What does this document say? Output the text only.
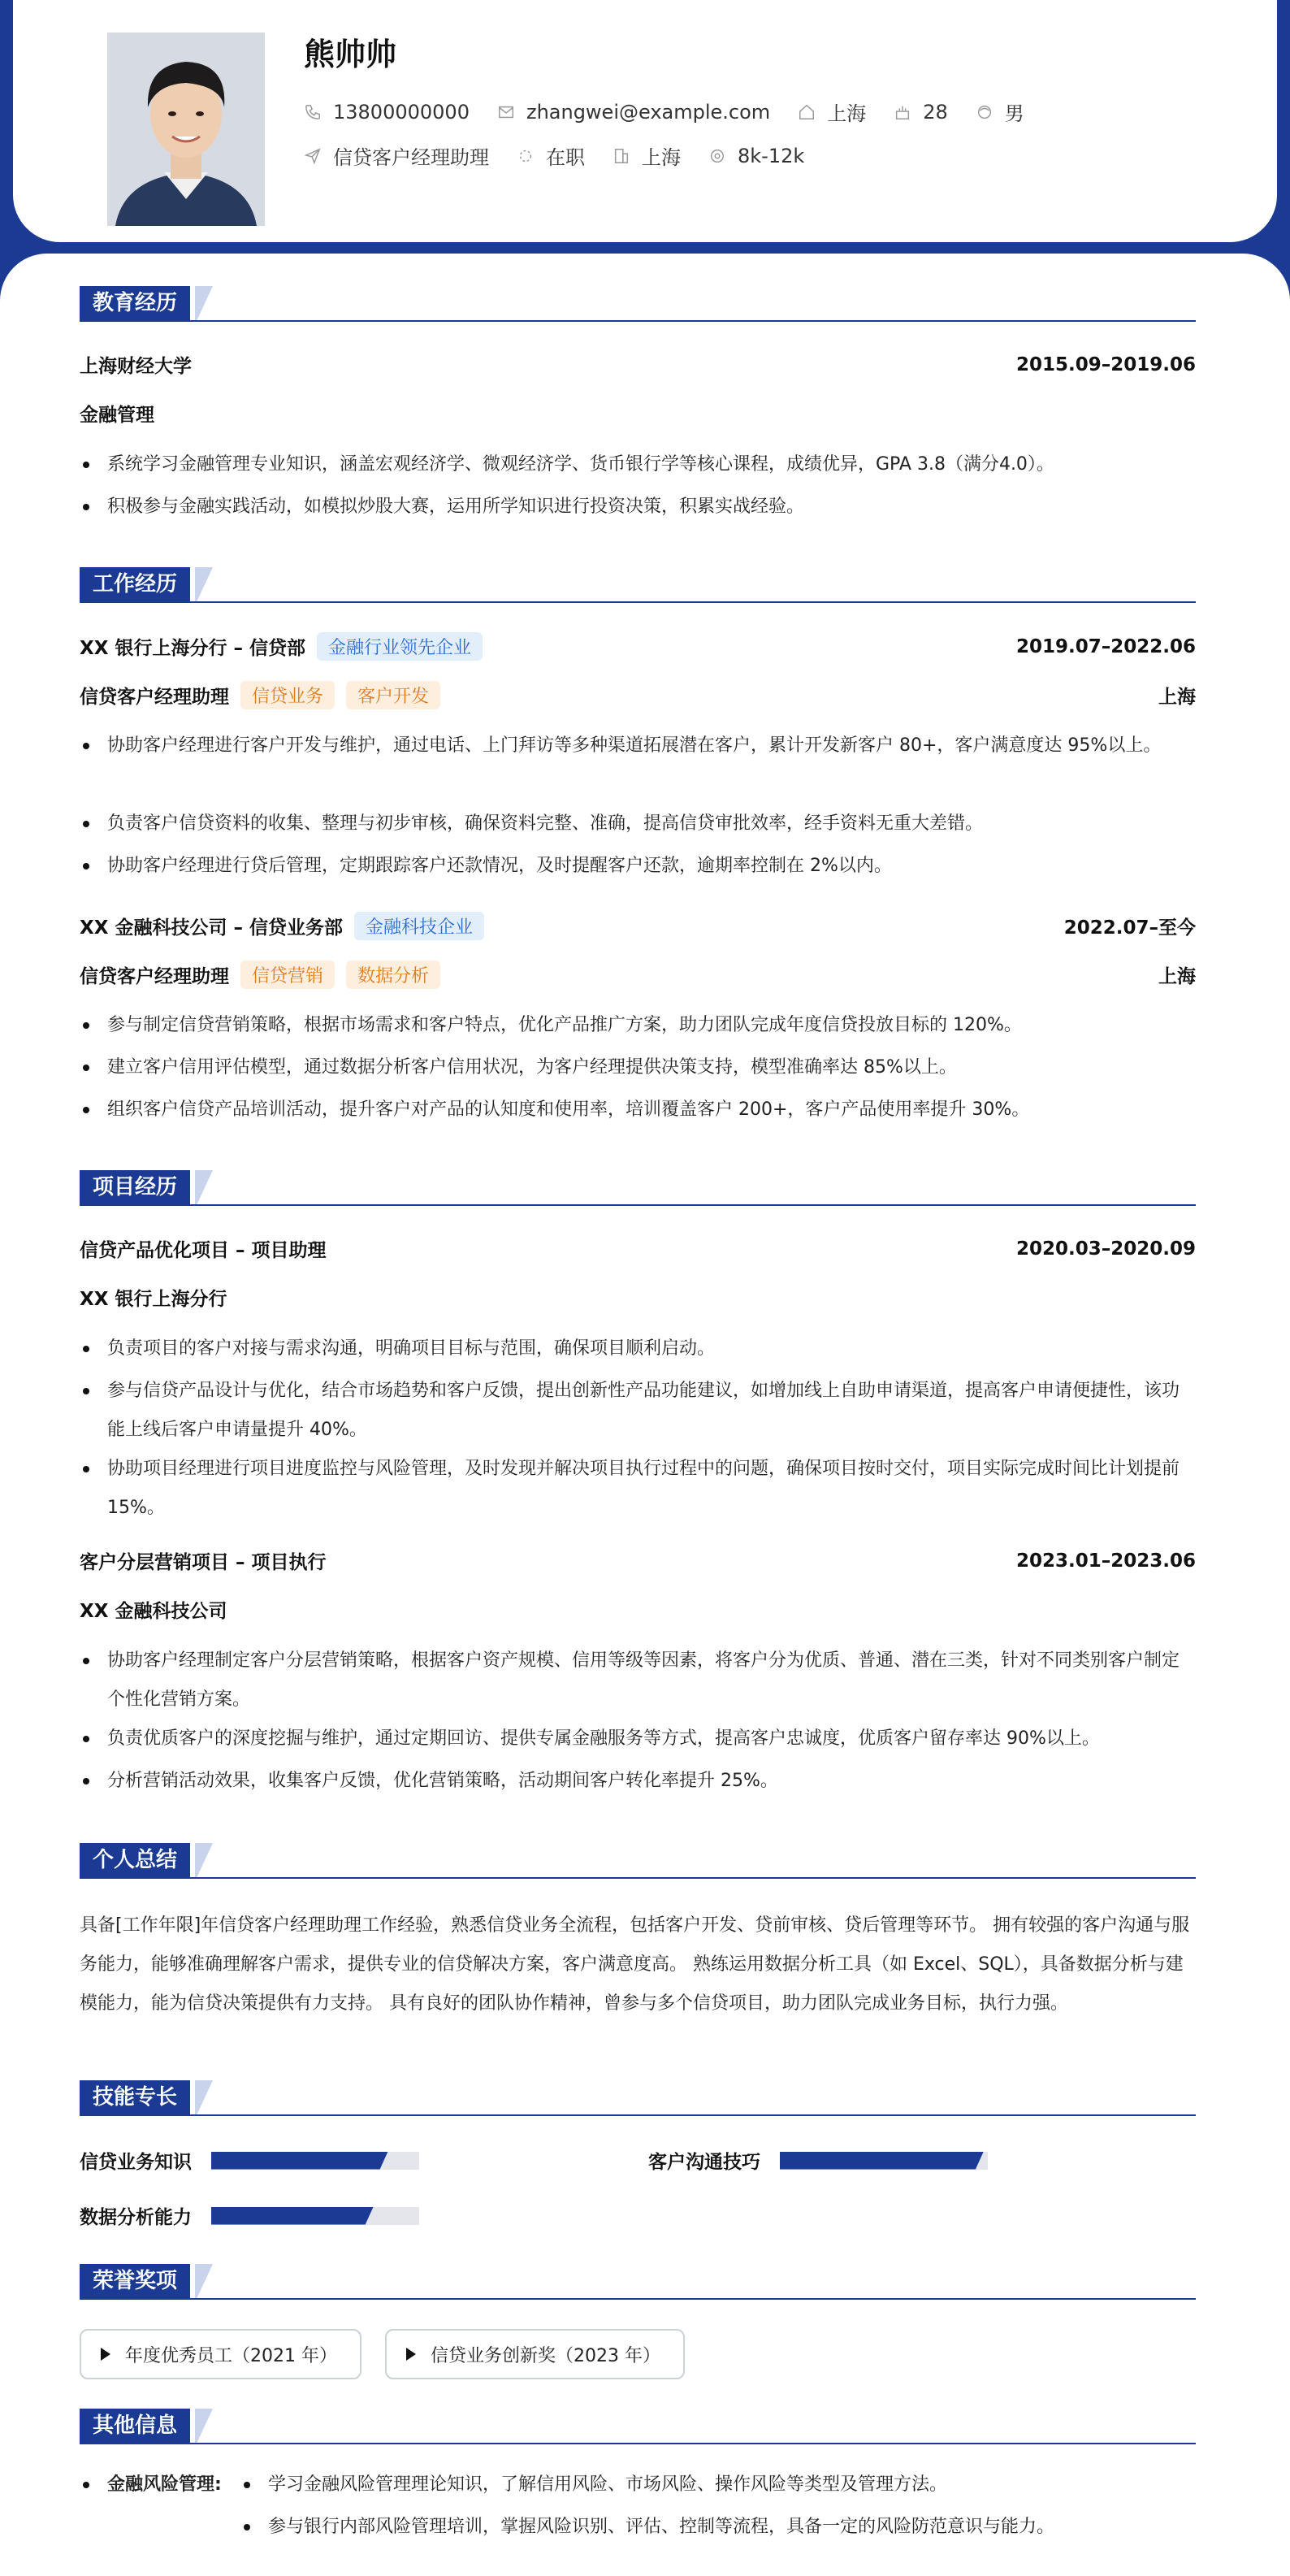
熊帅帅
13800000000	zhangwei@example.com	上海	28	男
信贷客户经理助理	在职	上海	8k-12k
教育经历
上海财经大学	2015.09–2019.06
金融管理
系统学习金融管理专业知识，涵盖宏观经济学、微观经济学、货币银行学等核心课程，成绩优异，GPA 3.8（满分4.0）。
积极参与金融实践活动，如模拟炒股大赛，运用所学知识进行投资决策，积累实战经验。
工作经历
XX 银行上海分行 – 信贷部	金融行业领先企业	2019.07–2022.06
信贷客户经理助理	信贷业务	客户开发	上海
协助客户经理进行客户开发与维护，通过电话、上门拜访等多种渠道拓展潜在客户，累计开发新客户 80+，客户满意度达 95%以上。
负责客户信贷资料的收集、整理与初步审核，确保资料完整、准确，提高信贷审批效率，经手资料无重大差错。
协助客户经理进行贷后管理，定期跟踪客户还款情况，及时提醒客户还款，逾期率控制在 2%以内。
XX 金融科技公司 – 信贷业务部	金融科技企业	2022.07–至今
信贷客户经理助理	信贷营销	数据分析	上海
参与制定信贷营销策略，根据市场需求和客户特点，优化产品推广方案，助力团队完成年度信贷投放目标的 120%。
建立客户信用评估模型，通过数据分析客户信用状况，为客户经理提供决策支持，模型准确率达 85%以上。
组织客户信贷产品培训活动，提升客户对产品的认知度和使用率，培训覆盖客户 200+，客户产品使用率提升 30%。
项目经历
信贷产品优化项目 – 项目助理	2020.03–2020.09
XX 银行上海分行
负责项目的客户对接与需求沟通，明确项目目标与范围，确保项目顺利启动。
参与信贷产品设计与优化，结合市场趋势和客户反馈，提出创新性产品功能建议，如增加线上自助申请渠道，提高客户申请便捷性，该功能上线后客户申请量提升 40%。
协助项目经理进行项目进度监控与风险管理，及时发现并解决项目执行过程中的问题，确保项目按时交付，项目实际完成时间比计划提前 15%。
客户分层营销项目 – 项目执行	2023.01–2023.06
XX 金融科技公司
协助客户经理制定客户分层营销策略，根据客户资产规模、信用等级等因素，将客户分为优质、普通、潜在三类，针对不同类别客户制定个性化营销方案。
负责优质客户的深度挖掘与维护，通过定期回访、提供专属金融服务等方式，提高客户忠诚度，优质客户留存率达 90%以上。
分析营销活动效果，收集客户反馈，优化营销策略，活动期间客户转化率提升 25%。
个人总结
具备[工作年限]年信贷客户经理助理工作经验，熟悉信贷业务全流程，包括客户开发、贷前审核、贷后管理等环节。 拥有较强的客户沟通与服务能力，能够准确理解客户需求，提供专业的信贷解决方案，客户满意度高。 熟练运用数据分析工具（如 Excel、SQL），具备数据分析与建模能力，能为信贷决策提供有力支持。 具有良好的团队协作精神，曾参与多个信贷项目，助力团队完成业务目标，执行力强。
技能专长
信贷业务知识	客户沟通技巧
数据分析能力
荣誉奖项
年度优秀员工（2021 年）	信贷业务创新奖（2023 年）
其他信息
金融风险管理:	学习金融风险管理理论知识，了解信用风险、市场风险、操作风险等类型及管理方法。
参与银行内部风险管理培训，掌握风险识别、评估、控制等流程，具备一定的风险防范意识与能力。
